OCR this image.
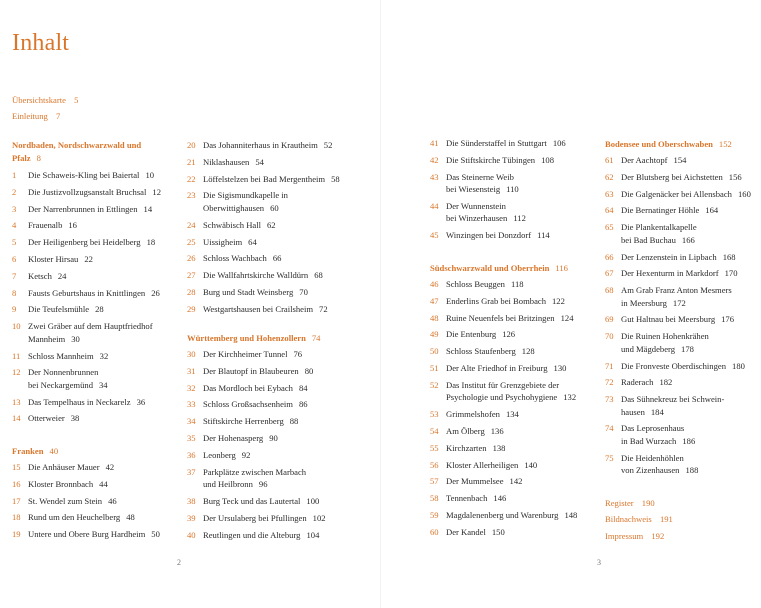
Inhalt
Übersichtskarte 5
Einleitung 7
Nordbaden, Nordschwarzwald und
Pfalz 8
Franken 40
Württemberg und Hohenzollern 74
Südschwarzwald und Oberrhein 116
Bodensee und Oberschwaben 152
1	Die Schaweis-Kling bei Baiertal 10
2	Die Justizvollzugsanstalt Bruchsal 12
3	Der Narrenbrunnen in Ettlingen 14
4	Frauenalb 16
5	Der Heiligenberg bei Heidelberg 18
6	Kloster Hirsau 22
7	Ketsch 24
8	Fausts Geburtshaus in Knittlingen 26
9	Die Teufelsmühle 28
10 Zwei Gräber auf dem Hauptfriedhof
Mannheim 30
11 Schloss Mannheim 32
12 Der Nonnenbrunnen
bei Neckargemünd 34
13 Das Tempelhaus in Neckarelz 36
14 Otterweier 38
15 Die Anhäuser Mauer 42
16 Kloster Bronnbach 44
17 St. Wendel zum Stein 46
18 Rund um den Heuchelberg 48
19 Untere und Obere Burg Hardheim 50
20 Das Johanniterhaus in Krautheim 52
21 Niklashausen 54
22 Löffelstelzen bei Bad Mergentheim 58
23 Die Sigismundkapelle in
Oberwittighausen 60
24 Schwäbisch Hall 62
25 Uissigheim 64
26 Schloss Wachbach 66
27 Die Wallfahrtskirche Walldürn 68
28 Burg und Stadt Weinsberg 70
29 Westgartshausen bei Crailsheim 72
30 Der Kirchheimer Tunnel 76
31 Der Blautopf in Blaubeuren 80
32 Das Mordloch bei Eybach 84
33 Schloss Großsachsenheim 86
34 Stiftskirche Herrenberg 88
35 Der Hohenasperg 90
36 Leonberg 92
37 Parkplätze zwischen Marbach
und Heilbronn 96
38 Burg Teck und das Lautertal 100
39 Der Ursulaberg bei Pfullingen 102
40 Reutlingen und die Alteburg 104
41 Die Sünderstaffel in Stuttgart 106
42 Die Stiftskirche Tübingen 108
43 Das Steinerne Weib
bei Wiesensteig 110
44 Der Wunnenstein
bei Winzerhausen 112
45 Winzingen bei Donzdorf 114
46 Schloss Beuggen 118
47 Enderlins Grab bei Bombach 122
48 Ruine Neuenfels bei Britzingen 124
49 Die Entenburg 126
50 Schloss Staufenberg 128
51 Der Alte Friedhof in Freiburg 130
52 Das Institut für Grenzgebiete der
Psychologie und Psychohygiene 132
53 Grimmelshofen 134
54 Am Ölberg 136
55 Kirchzarten 138
56 Kloster Allerheiligen 140
57 Der Mummelsee 142
58 Tennenbach 146
59 Magdalenenberg und Warenburg 148
60 Der Kandel 150
61 Der Aachtopf 154
62 Der Blutsberg bei Aichstetten 156
63 Die Galgenäcker bei Allensbach 160
64 Die Bernatinger Höhle 164
65 Die Plankentalkapelle
bei Bad Buchau 166
66 Der Lenzenstein in Lipbach 168
67 Der Hexenturm in Markdorf 170
68 Am Grab Franz Anton Mesmers
in Meersburg 172
69 Gut Haltnau bei Meersburg 176
70 Die Ruinen Hohenkrähen
und Mägdeberg 178
71 Die Fronveste Oberdischingen 180
72 Raderach 182
73 Das Sühnekreuz bei Schwein-
hausen 184
74 Das Leprosenhaus
in Bad Wurzach 186
75 Die Heidenhöhlen
von Zizenhausen 188
Register 190
Bildnachweis 191
Impressum 192
2	3
